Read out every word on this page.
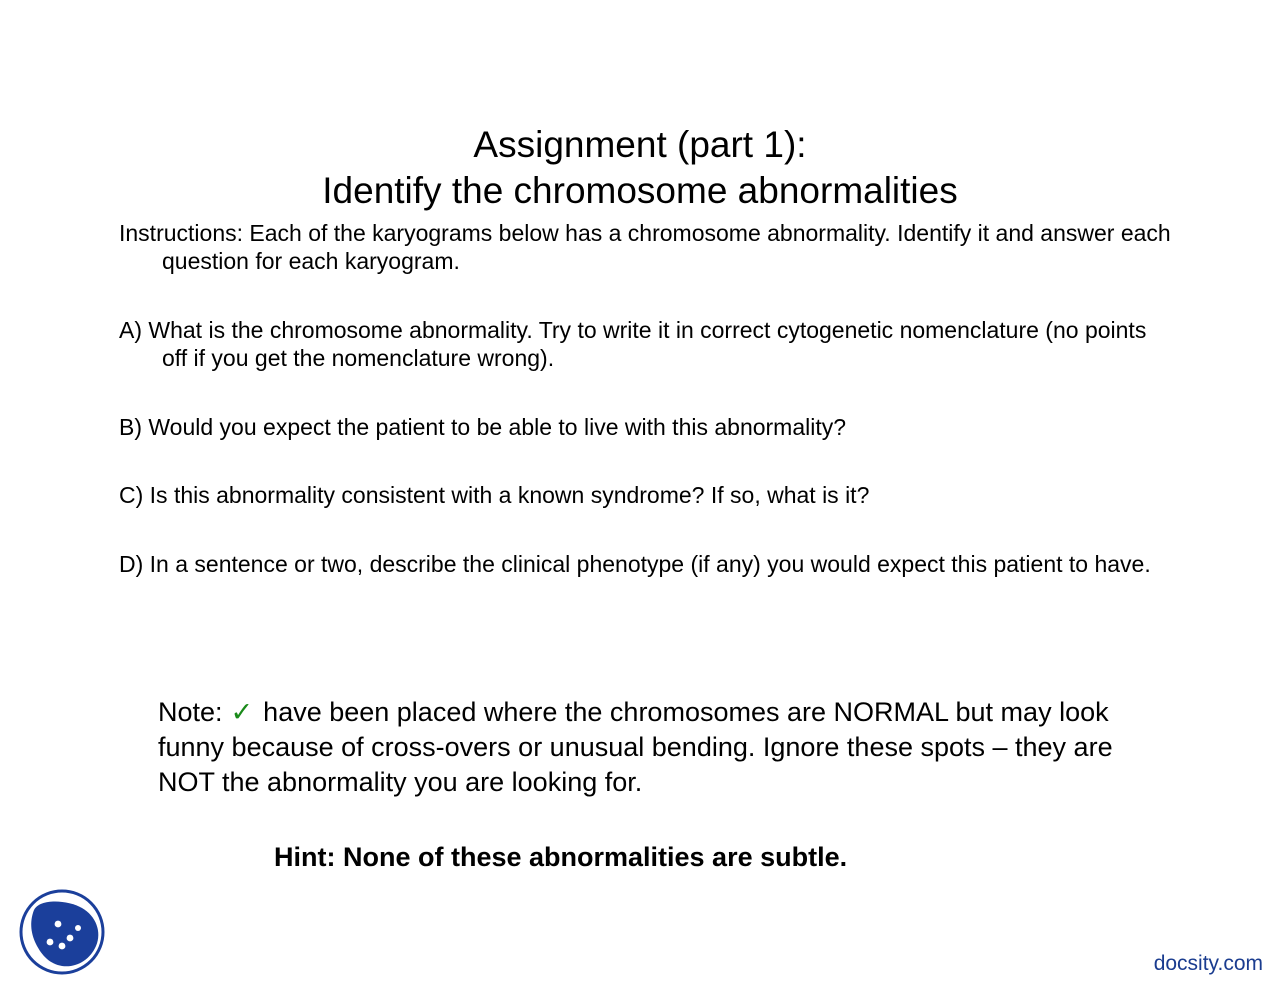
Assignment (part 1):
Identify the chromosome abnormalities
Instructions: Each of the karyograms below has a chromosome abnormality. Identify it and answer each question for each karyogram.
A) What is the chromosome abnormality. Try to write it in correct cytogenetic nomenclature (no points off if you get the nomenclature wrong).
B) Would you expect the patient to be able to live with this abnormality?
C) Is this abnormality consistent with a known syndrome? If so, what is it?
D) In a sentence or two, describe the clinical phenotype (if any) you would expect this patient to have.
Note: ✓ have been placed where the chromosomes are NORMAL but may look funny because of cross-overs or unusual bending. Ignore these spots – they are NOT the abnormality you are looking for.
Hint: None of these abnormalities are subtle.
docsity.com
